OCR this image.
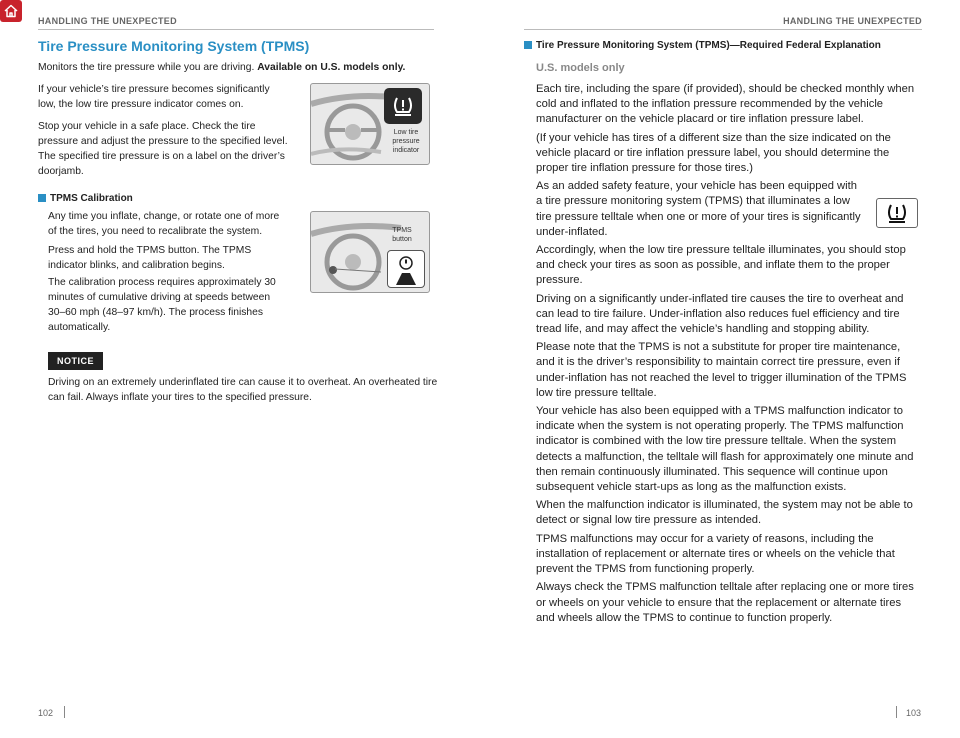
HANDLING THE UNEXPECTED	HANDLING THE UNEXPECTED
Tire Pressure Monitoring System (TPMS)
Monitors the tire pressure while you are driving. Available on U.S. models only.
If your vehicle’s tire pressure becomes significantly low, the low tire pressure indicator comes on.
Stop your vehicle in a safe place. Check the tire pressure and adjust the pressure to the specified level. The specified tire pressure is on a label on the driver’s doorjamb.
Low tire pressure indicator
TPMS Calibration
Any time you inflate, change, or rotate one of more of the tires, you need to recalibrate the system.
Press and hold the TPMS button. The TPMS indicator blinks, and calibration begins.
The calibration process requires approximately 30 minutes of cumulative driving at speeds between 30–60 mph (48–97 km/h). The process finishes automatically.
TPMS button
NOTICE
Driving on an extremely underinflated tire can cause it to overheat. An overheated tire can fail. Always inflate your tires to the specified pressure.
Tire Pressure Monitoring System (TPMS)—Required Federal Explanation
U.S. models only

Each tire, including the spare (if provided), should be checked monthly when cold and inflated to the inflation pressure recommended by the vehicle manufacturer on the vehicle placard or tire inflation pressure label.

(If your vehicle has tires of a different size than the size indicated on the vehicle placard or tire inflation pressure label, you should determine the proper tire inflation pressure for those tires.)

As an added safety feature, your vehicle has been equipped with a tire pressure monitoring system (TPMS) that illuminates a low tire pressure telltale when one or more of your tires is significantly under-inflated.

Accordingly, when the low tire pressure telltale illuminates, you should stop and check your tires as soon as possible, and inflate them to the proper pressure.

Driving on a significantly under-inflated tire causes the tire to overheat and can lead to tire failure. Under-inflation also reduces fuel efficiency and tire tread life, and may affect the vehicle’s handling and stopping ability.

Please note that the TPMS is not a substitute for proper tire maintenance, and it is the driver’s responsibility to maintain correct tire pressure, even if under-inflation has not reached the level to trigger illumination of the TPMS low tire pressure telltale.

Your vehicle has also been equipped with a TPMS malfunction indicator to indicate when the system is not operating properly. The TPMS malfunction indicator is combined with the low tire pressure telltale. When the system detects a malfunction, the telltale will flash for approximately one minute and then remain continuously illuminated. This sequence will continue upon subsequent vehicle start-ups as long as the malfunction exists.

When the malfunction indicator is illuminated, the system may not be able to detect or signal low tire pressure as intended.

TPMS malfunctions may occur for a variety of reasons, including the installation of replacement or alternate tires or wheels on the vehicle that prevent the TPMS from functioning properly.

Always check the TPMS malfunction telltale after replacing one or more tires or wheels on your vehicle to ensure that the replacement or alternate tires and wheels allow the TPMS to continue to function properly.

102	103
